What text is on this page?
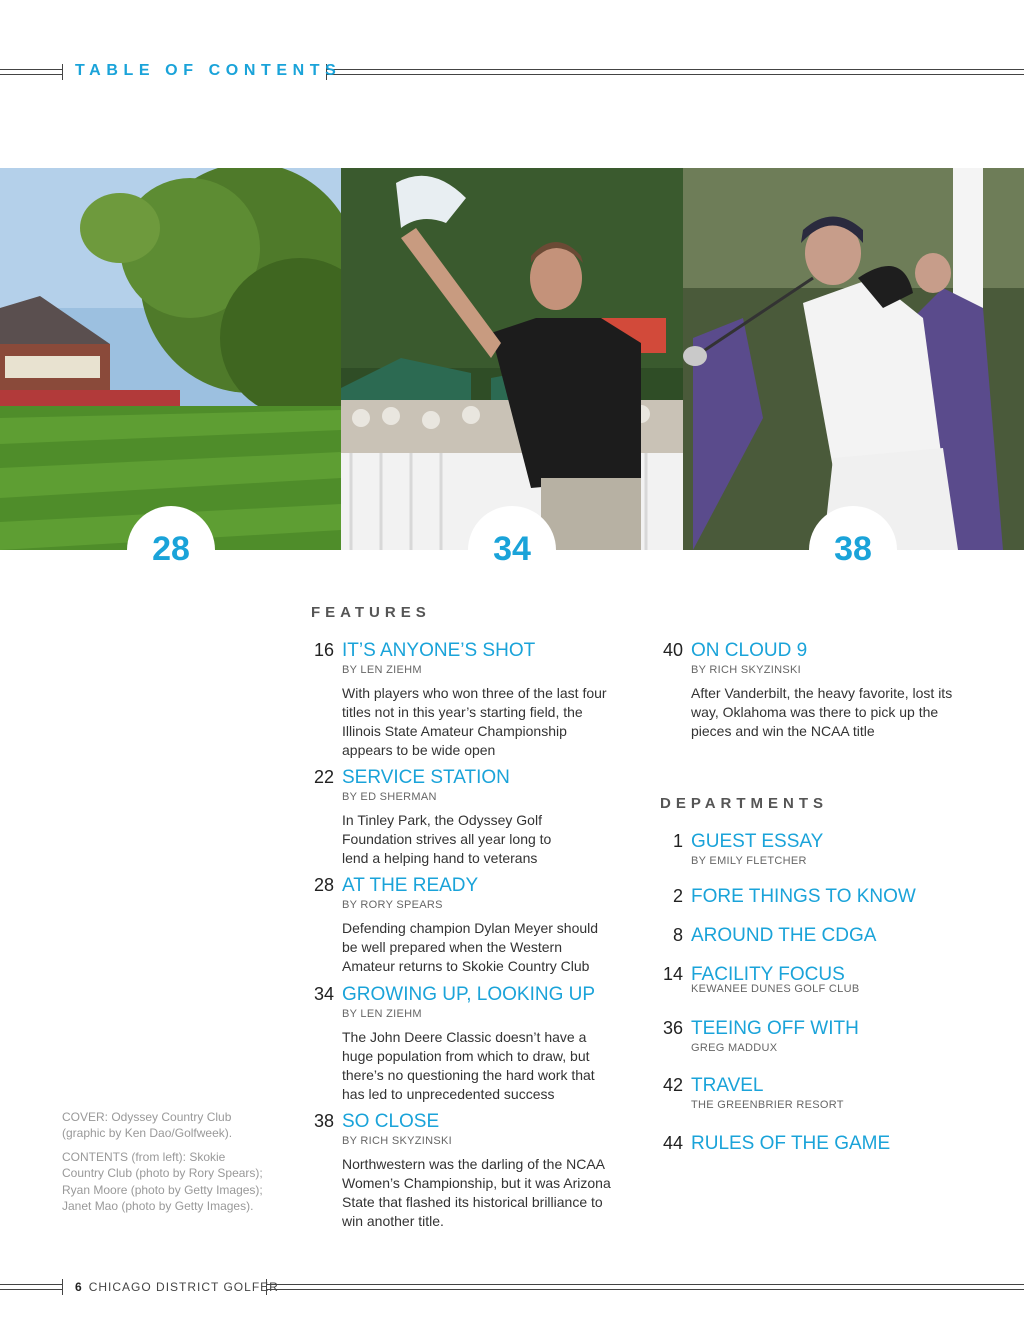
TABLE OF CONTENTS
28	34	38
FEATURES
16 IT’S ANYONE’S SHOT
BY LEN ZIEHM
With players who won three of the last four titles not in this year’s starting field, the Illinois State Amateur Championship appears to be wide open
22 SERVICE STATION
BY ED SHERMAN
In Tinley Park, the Odyssey Golf Foundation strives all year long to lend a helping hand to veterans
28 AT THE READY
BY RORY SPEARS
Defending champion Dylan Meyer should be well prepared when the Western Amateur returns to Skokie Country Club
34 GROWING UP, LOOKING UP
BY LEN ZIEHM
The John Deere Classic doesn’t have a huge population from which to draw, but there’s no questioning the hard work that has led to unprecedented success
38 SO CLOSE
BY RICH SKYZINSKI
Northwestern was the darling of the NCAA Women’s Championship, but it was Arizona State that flashed its historical brilliance to win another title.
40 ON CLOUD 9
BY RICH SKYZINSKI
After Vanderbilt, the heavy favorite, lost its way, Oklahoma was there to pick up the pieces and win the NCAA title
DEPARTMENTS
1 GUEST ESSAY
BY EMILY FLETCHER
2 FORE THINGS TO KNOW
8 AROUND THE CDGA
14 FACILITY FOCUS
KEWANEE DUNES GOLF CLUB
36 TEEING OFF WITH
GREG MADDUX
42 TRAVEL
THE GREENBRIER RESORT
44 RULES OF THE GAME

COVER: Odyssey Country Club (graphic by Ken Dao/Golfweek).

CONTENTS (from left): Skokie Country Club (photo by Rory Spears); Ryan Moore (photo by Getty Images); Janet Mao (photo by Getty Images).

6 CHICAGO DISTRICT GOLFER
